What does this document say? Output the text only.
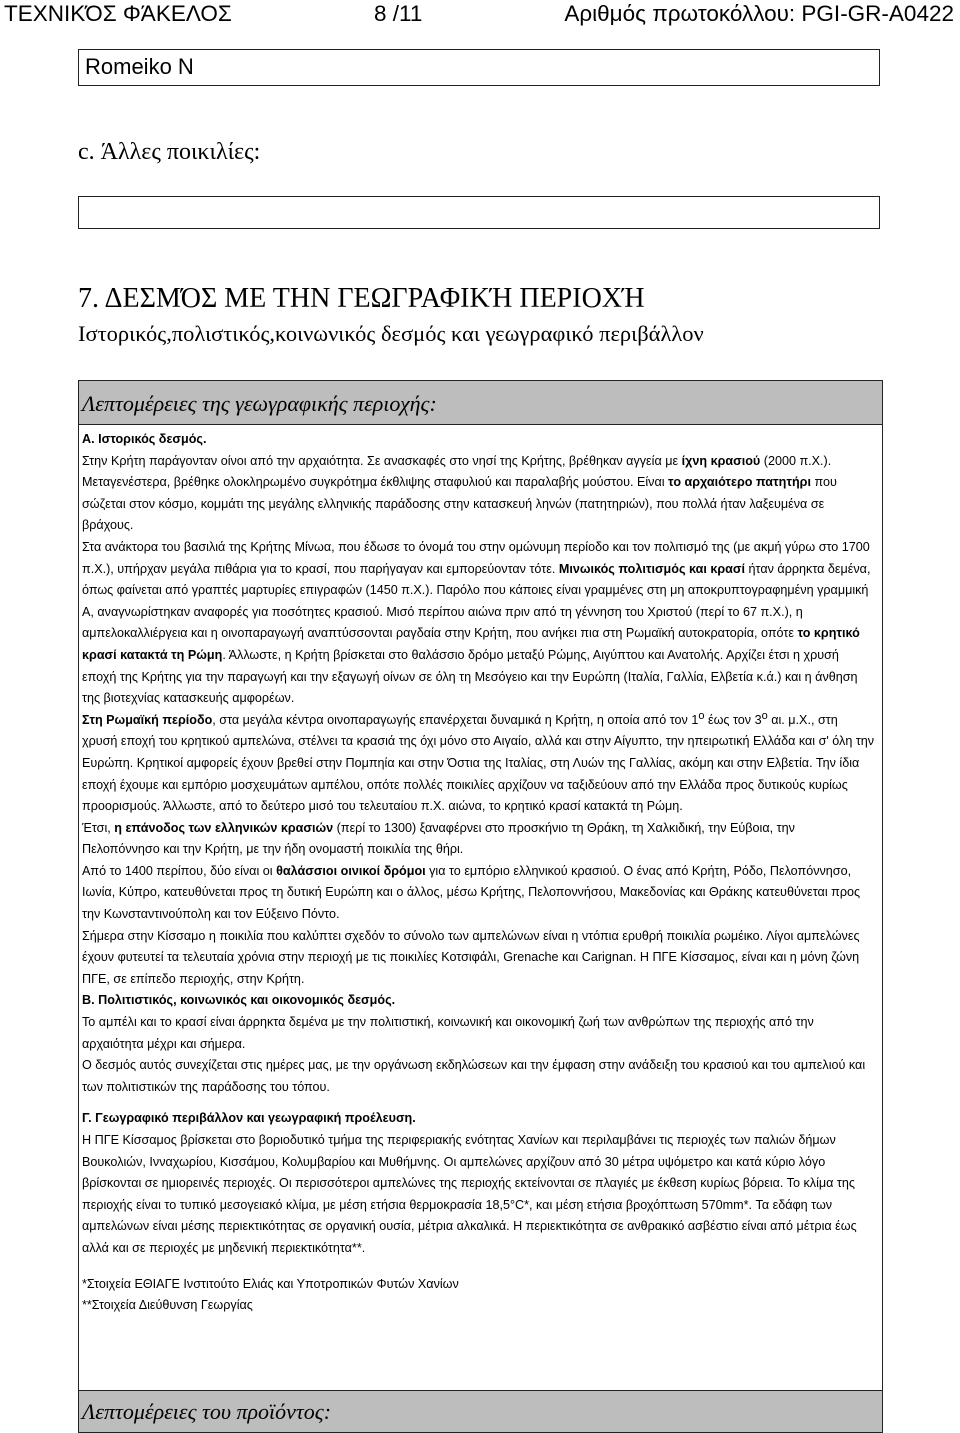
ΤΕΧΝΙΚΌΣ ΦΆΚΕΛΟΣ	8 /11	Αριθμός πρωτοκόλλου: PGI-GR-A0422
Romeiko N
c. Άλλες ποικιλίες:
7. ΔΕΣΜΌΣ ΜΕ ΤΗΝ ΓΕΩΓΡΑΦΙΚΉ ΠΕΡΙΟΧΉ
Ιστορικός,πολιστικός,κοινωνικός δεσμός και γεωγραφικό περιβάλλον
Λεπτομέρειες της γεωγραφικής περιοχής:

Α. Ιστορικός δεσμός.

Στην Κρήτη παράγονταν οίνοι από την αρχαιότητα. Σε ανασκαφές στο νησί της Κρήτης, βρέθηκαν αγγεία με ίχνη κρασιού (2000 π.Χ.). Μεταγενέστερα, βρέθηκε ολοκληρωμένο συγκρότημα έκθλιψης σταφυλιού και παραλαβής μούστου. Είναι το αρχαιότερο πατητήρι που σώζεται στον κόσμο, κομμάτι της μεγάλης ελληνικής παράδοσης στην κατασκευή ληνών (πατητηριών), που πολλά ήταν λαξευμένα σε βράχους.

Στα ανάκτορα του βασιλιά της Κρήτης Μίνωα, που έδωσε το όνομά του στην ομώνυμη περίοδο και τον πολιτισμό της (με ακμή γύρω στο 1700 π.Χ.), υπήρχαν μεγάλα πιθάρια για το κρασί, που παρήγαγαν και εμπορεύονταν τότε. Μινωικός πολιτισμός και κρασί ήταν άρρηκτα δεμένα, όπως φαίνεται από γραπτές μαρτυρίες επιγραφών (1450 π.Χ.). Παρόλο που κάποιες είναι γραμμένες στη μη αποκρυπτογραφημένη γραμμική Α, αναγνωρίστηκαν αναφορές για ποσότητες κρασιού. Μισό περίπου αιώνα πριν από τη γέννηση του Χριστού (περί το 67 π.Χ.), η αμπελοκαλλιέργεια και η οινοπαραγωγή αναπτύσσονται ραγδαία στην Κρήτη, που ανήκει πια στη Ρωμαϊκή αυτοκρατορία, οπότε το κρητικό κρασί κατακτά τη Ρώμη. Άλλωστε, η Κρήτη βρίσκεται στο θαλάσσιο δρόμο μεταξύ Ρώμης, Αιγύπτου και Ανατολής. Αρχίζει έτσι η χρυσή εποχή της Κρήτης για την παραγωγή και την εξαγωγή οίνων σε όλη τη Μεσόγειο και την Ευρώπη (Ιταλία, Γαλλία, Ελβετία κ.ά.) και η άνθηση της βιοτεχνίας κατασκευής αμφορέων.

Στη Ρωμαϊκή περίοδο, στα μεγάλα κέντρα οινοπαραγωγής επανέρχεται δυναμικά η Κρήτη, η οποία από τον $1^o$ έως τον $3^o$ αι. μ.Χ., στη χρυσή εποχή του κρητικού αμπελώνα, στέλνει τα κρασιά της όχι μόνο στο Αιγαίο, αλλά και στην Αίγυπτο, την ηπειρωτική Ελλάδα και σ' όλη την Ευρώπη. Κρητικοί αμφορείς έχουν βρεθεί στην Πομπηία και στην Όστια της Ιταλίας, στη Λυών της Γαλλίας, ακόμη και στην Ελβετία. Την ίδια εποχή έχουμε και εμπόριο μοσχευμάτων αμπέλου, οπότε πολλές ποικιλίες αρχίζουν να ταξιδεύουν από την Ελλάδα προς δυτικούς κυρίως προορισμούς. Άλλωστε, από το δεύτερο μισό του τελευταίου π.Χ. αιώνα, το κρητικό κρασί κατακτά τη Ρώμη.

Έτσι, η επάνοδος των ελληνικών κρασιών (περί το 1300) ξαναφέρνει στο προσκήνιο τη Θράκη, τη Χαλκιδική, την Εύβοια, την Πελοπόννησο και την Κρήτη, με την ήδη ονομαστή ποικιλία της θήρι.

Από το 1400 περίπου, δύο είναι οι θαλάσσιοι οινικοί δρόμοι για το εμπόριο ελληνικού κρασιού. Ο ένας από Κρήτη, Ρόδο, Πελοπόννησο, Ιωνία, Κύπρο, κατευθύνεται προς τη δυτική Ευρώπη και ο άλλος, μέσω Κρήτης, Πελοποννήσου, Μακεδονίας και Θράκης κατευθύνεται προς την Κωνσταντινούπολη και τον Εύξεινο Πόντο.

Σήμερα στην Κίσσαμο η ποικιλία που καλύπτει σχεδόν το σύνολο των αμπελώνων είναι η ντόπια ερυθρή ποικιλία ρωμέικο. Λίγοι αμπελώνες έχουν φυτευτεί τα τελευταία χρόνια στην περιοχή με τις ποικιλίες Κοτσιφάλι, Grenache και Carignan. Η ΠΓΕ Κίσσαμος, είναι και η μόνη ζώνη ΠΓΕ, σε επίπεδο περιοχής, στην Κρήτη.

Β. Πολιτιστικός, κοινωνικός και οικονομικός δεσμός.

Το αμπέλι και το κρασί είναι άρρηκτα δεμένα με την πολιτιστική, κοινωνική και οικονομική ζωή των ανθρώπων της περιοχής από την αρχαιότητα μέχρι και σήμερα.

Ο δεσμός αυτός συνεχίζεται στις ημέρες μας, με την οργάνωση εκδηλώσεων και την έμφαση στην ανάδειξη του κρασιού και του αμπελιού και των πολιτιστικών της παράδοσης του τόπου.

Γ. Γεωγραφικό περιβάλλον και γεωγραφική προέλευση.

Η ΠΓΕ Κίσσαμος βρίσκεται στο βοριοδυτικό τμήμα της περιφεριακής ενότητας Χανίων και περιλαμβάνει τις περιοχές των παλιών δήμων Βουκολιών, Ινναχωρίου, Κισσάμου, Κολυμβαρίου και Μυθήμνης. Οι αμπελώνες αρχίζουν από 30 μέτρα υψόμετρο και κατά κύριο λόγο βρίσκονται σε ημιορεινές περιοχές. Οι περισσότεροι αμπελώνες της περιοχής εκτείνονται σε πλαγιές με έκθεση κυρίως βόρεια. Το κλίμα της περιοχής είναι το τυπικό μεσογειακό κλίμα, με μέση ετήσια θερμοκρασία 18,5°C*, και μέση ετήσια βροχόπτωση 570mm*. Τα εδάφη των αμπελώνων είναι μέσης περιεκτικότητας σε οργανική ουσία, μέτρια αλκαλικά. Η περιεκτικότητα σε ανθρακικό ασβέστιο είναι από μέτρια έως αλλά και σε περιοχές με μηδενική περιεκτικότητα**.

*Στοιχεία ΕΘΙΑΓΕ Ινστιτούτο Ελιάς και Υποτροπικών Φυτών Χανίων

**Στοιχεία Διεύθυνση Γεωργίας

Λεπτομέρειες του προϊόντος:
